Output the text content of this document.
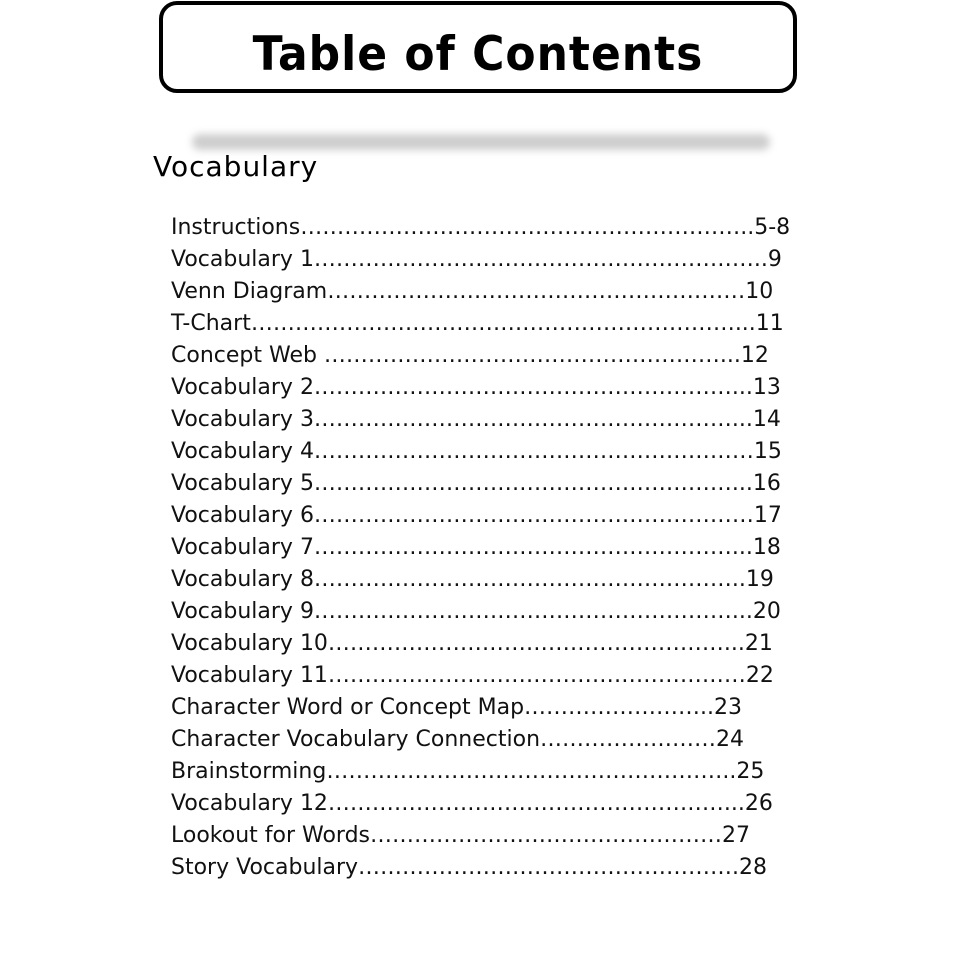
Table of Contents
Vocabulary
Instructions……………………………………………………..5-8
Vocabulary 1……………………………………………………..9
Venn Diagram…………………………………………………10
T-Chart…………………………………………………………...11
Concept Web ………………………………………………...12
Vocabulary 2…………………………………………………...13
Vocabulary 3…………………………………………………...14
Vocabulary 4……………………………………………………15
Vocabulary 5…………………………………………………...16
Vocabulary 6……………………………………………………17
Vocabulary 7…………………………………………………...18
Vocabulary 8…………………………………………………..19
Vocabulary 9…………………………………………………...20
Vocabulary 10………………………………………………...21
Vocabulary 11…………………………………………………22
Character Word or Concept Map……………………..23
Character Vocabulary Connection……………………24
Brainstorming………………………………………………..25
Vocabulary 12………………………………………………...26
Lookout for Words…………………………………………27
Story Vocabulary…………………………………………….28
